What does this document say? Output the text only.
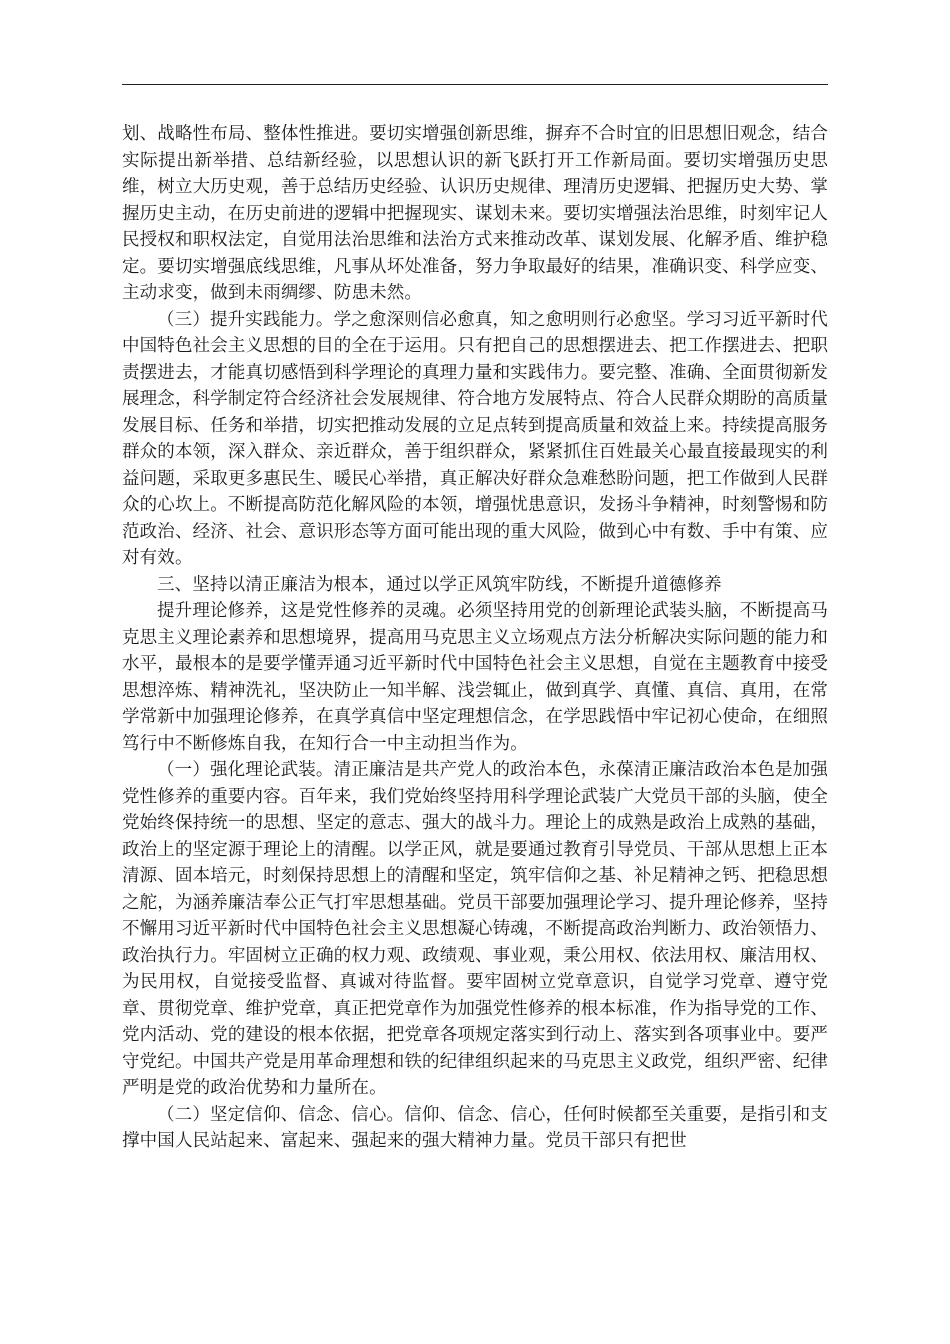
划、战略性布局、整体性推进。要切实增强创新思维，摒弃不合时宜的旧思想旧观念，结合实际提出新举措、总结新经验，以思想认识的新飞跃打开工作新局面。要切实增强历史思维，树立大历史观，善于总结历史经验、认识历史规律、理清历史逻辑、把握历史大势、掌握历史主动，在历史前进的逻辑中把握现实、谋划未来。要切实增强法治思维，时刻牢记人民授权和职权法定，自觉用法治思维和法治方式来推动改革、谋划发展、化解矛盾、维护稳定。要切实增强底线思维，凡事从坏处准备，努力争取最好的结果，准确识变、科学应变、主动求变，做到未雨绸缪、防患未然。

（三）提升实践能力。学之愈深则信必愈真，知之愈明则行必愈坚。学习习近平新时代中国特色社会主义思想的目的全在于运用。只有把自己的思想摆进去、把工作摆进去、把职责摆进去，才能真切感悟到科学理论的真理力量和实践伟力。要完整、准确、全面贯彻新发展理念，科学制定符合经济社会发展规律、符合地方发展特点、符合人民群众期盼的高质量发展目标、任务和举措，切实把推动发展的立足点转到提高质量和效益上来。持续提高服务群众的本领，深入群众、亲近群众，善于组织群众，紧紧抓住百姓最关心最直接最现实的利益问题，采取更多惠民生、暖民心举措，真正解决好群众急难愁盼问题，把工作做到人民群众的心坎上。不断提高防范化解风险的本领，增强忧患意识，发扬斗争精神，时刻警惕和防范政治、经济、社会、意识形态等方面可能出现的重大风险，做到心中有数、手中有策、应对有效。

三、坚持以清正廉洁为根本，通过以学正风筑牢防线，不断提升道德修养

提升理论修养，这是党性修养的灵魂。必须坚持用党的创新理论武装头脑，不断提高马克思主义理论素养和思想境界，提高用马克思主义立场观点方法分析解决实际问题的能力和水平，最根本的是要学懂弄通习近平新时代中国特色社会主义思想，自觉在主题教育中接受思想淬炼、精神洗礼，坚决防止一知半解、浅尝辄止，做到真学、真懂、真信、真用，在常学常新中加强理论修养，在真学真信中坚定理想信念，在学思践悟中牢记初心使命，在细照笃行中不断修炼自我，在知行合一中主动担当作为。

（一）强化理论武装。清正廉洁是共产党人的政治本色，永葆清正廉洁政治本色是加强党性修养的重要内容。百年来，我们党始终坚持用科学理论武装广大党员干部的头脑，使全党始终保持统一的思想、坚定的意志、强大的战斗力。理论上的成熟是政治上成熟的基础，政治上的坚定源于理论上的清醒。以学正风，就是要通过教育引导党员、干部从思想上正本清源、固本培元，时刻保持思想上的清醒和坚定，筑牢信仰之基、补足精神之钙、把稳思想之舵，为涵养廉洁奉公正气打牢思想基础。党员干部要加强理论学习、提升理论修养，坚持不懈用习近平新时代中国特色社会主义思想凝心铸魂，不断提高政治判断力、政治领悟力、政治执行力。牢固树立正确的权力观、政绩观、事业观，秉公用权、依法用权、廉洁用权、为民用权，自觉接受监督、真诚对待监督。要牢固树立党章意识，自觉学习党章、遵守党章、贯彻党章、维护党章，真正把党章作为加强党性修养的根本标准，作为指导党的工作、党内活动、党的建设的根本依据，把党章各项规定落实到行动上、落实到各项事业中。要严守党纪。中国共产党是用革命理想和铁的纪律组织起来的马克思主义政党，组织严密、纪律严明是党的政治优势和力量所在。

（二）坚定信仰、信念、信心。信仰、信念、信心，任何时候都至关重要，是指引和支撑中国人民站起来、富起来、强起来的强大精神力量。党员干部只有把世
